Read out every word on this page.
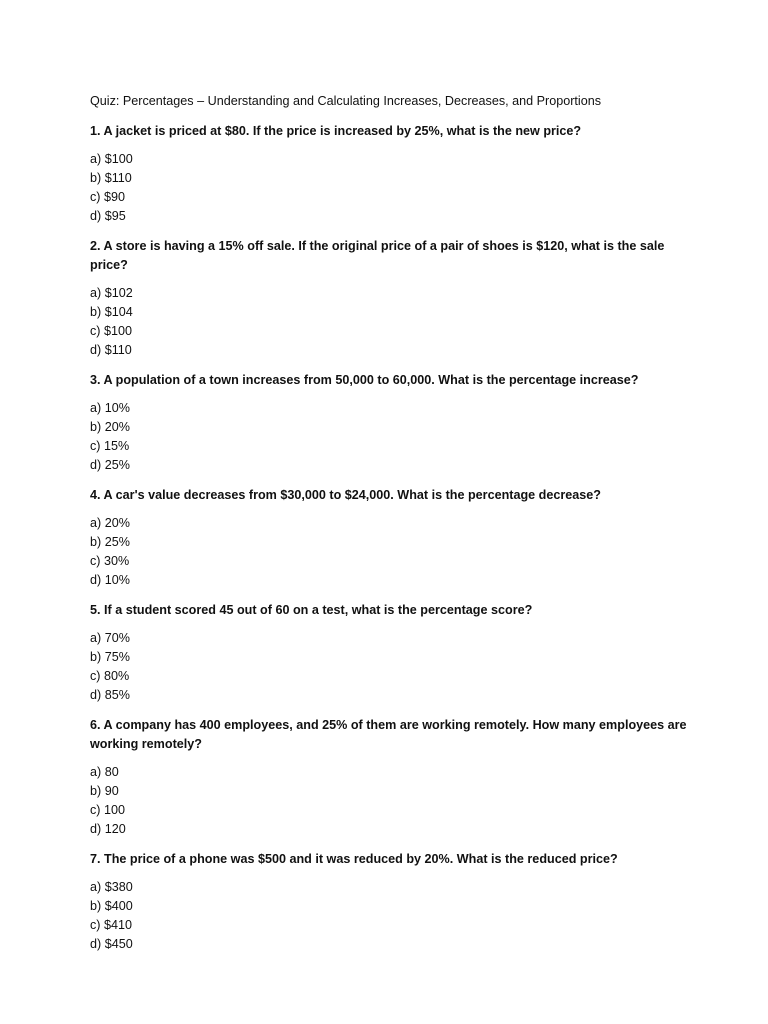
Quiz: Percentages – Understanding and Calculating Increases, Decreases, and Proportions
1. A jacket is priced at $80. If the price is increased by 25%, what is the new price?
a) $100
b) $110
c) $90
d) $95
2. A store is having a 15% off sale. If the original price of a pair of shoes is $120, what is the sale price?
a) $102
b) $104
c) $100
d) $110
3. A population of a town increases from 50,000 to 60,000. What is the percentage increase?
a) 10%
b) 20%
c) 15%
d) 25%
4. A car's value decreases from $30,000 to $24,000. What is the percentage decrease?
a) 20%
b) 25%
c) 30%
d) 10%
5. If a student scored 45 out of 60 on a test, what is the percentage score?
a) 70%
b) 75%
c) 80%
d) 85%
6. A company has 400 employees, and 25% of them are working remotely. How many employees are working remotely?
a) 80
b) 90
c) 100
d) 120
7. The price of a phone was $500 and it was reduced by 20%. What is the reduced price?
a) $380
b) $400
c) $410
d) $450
